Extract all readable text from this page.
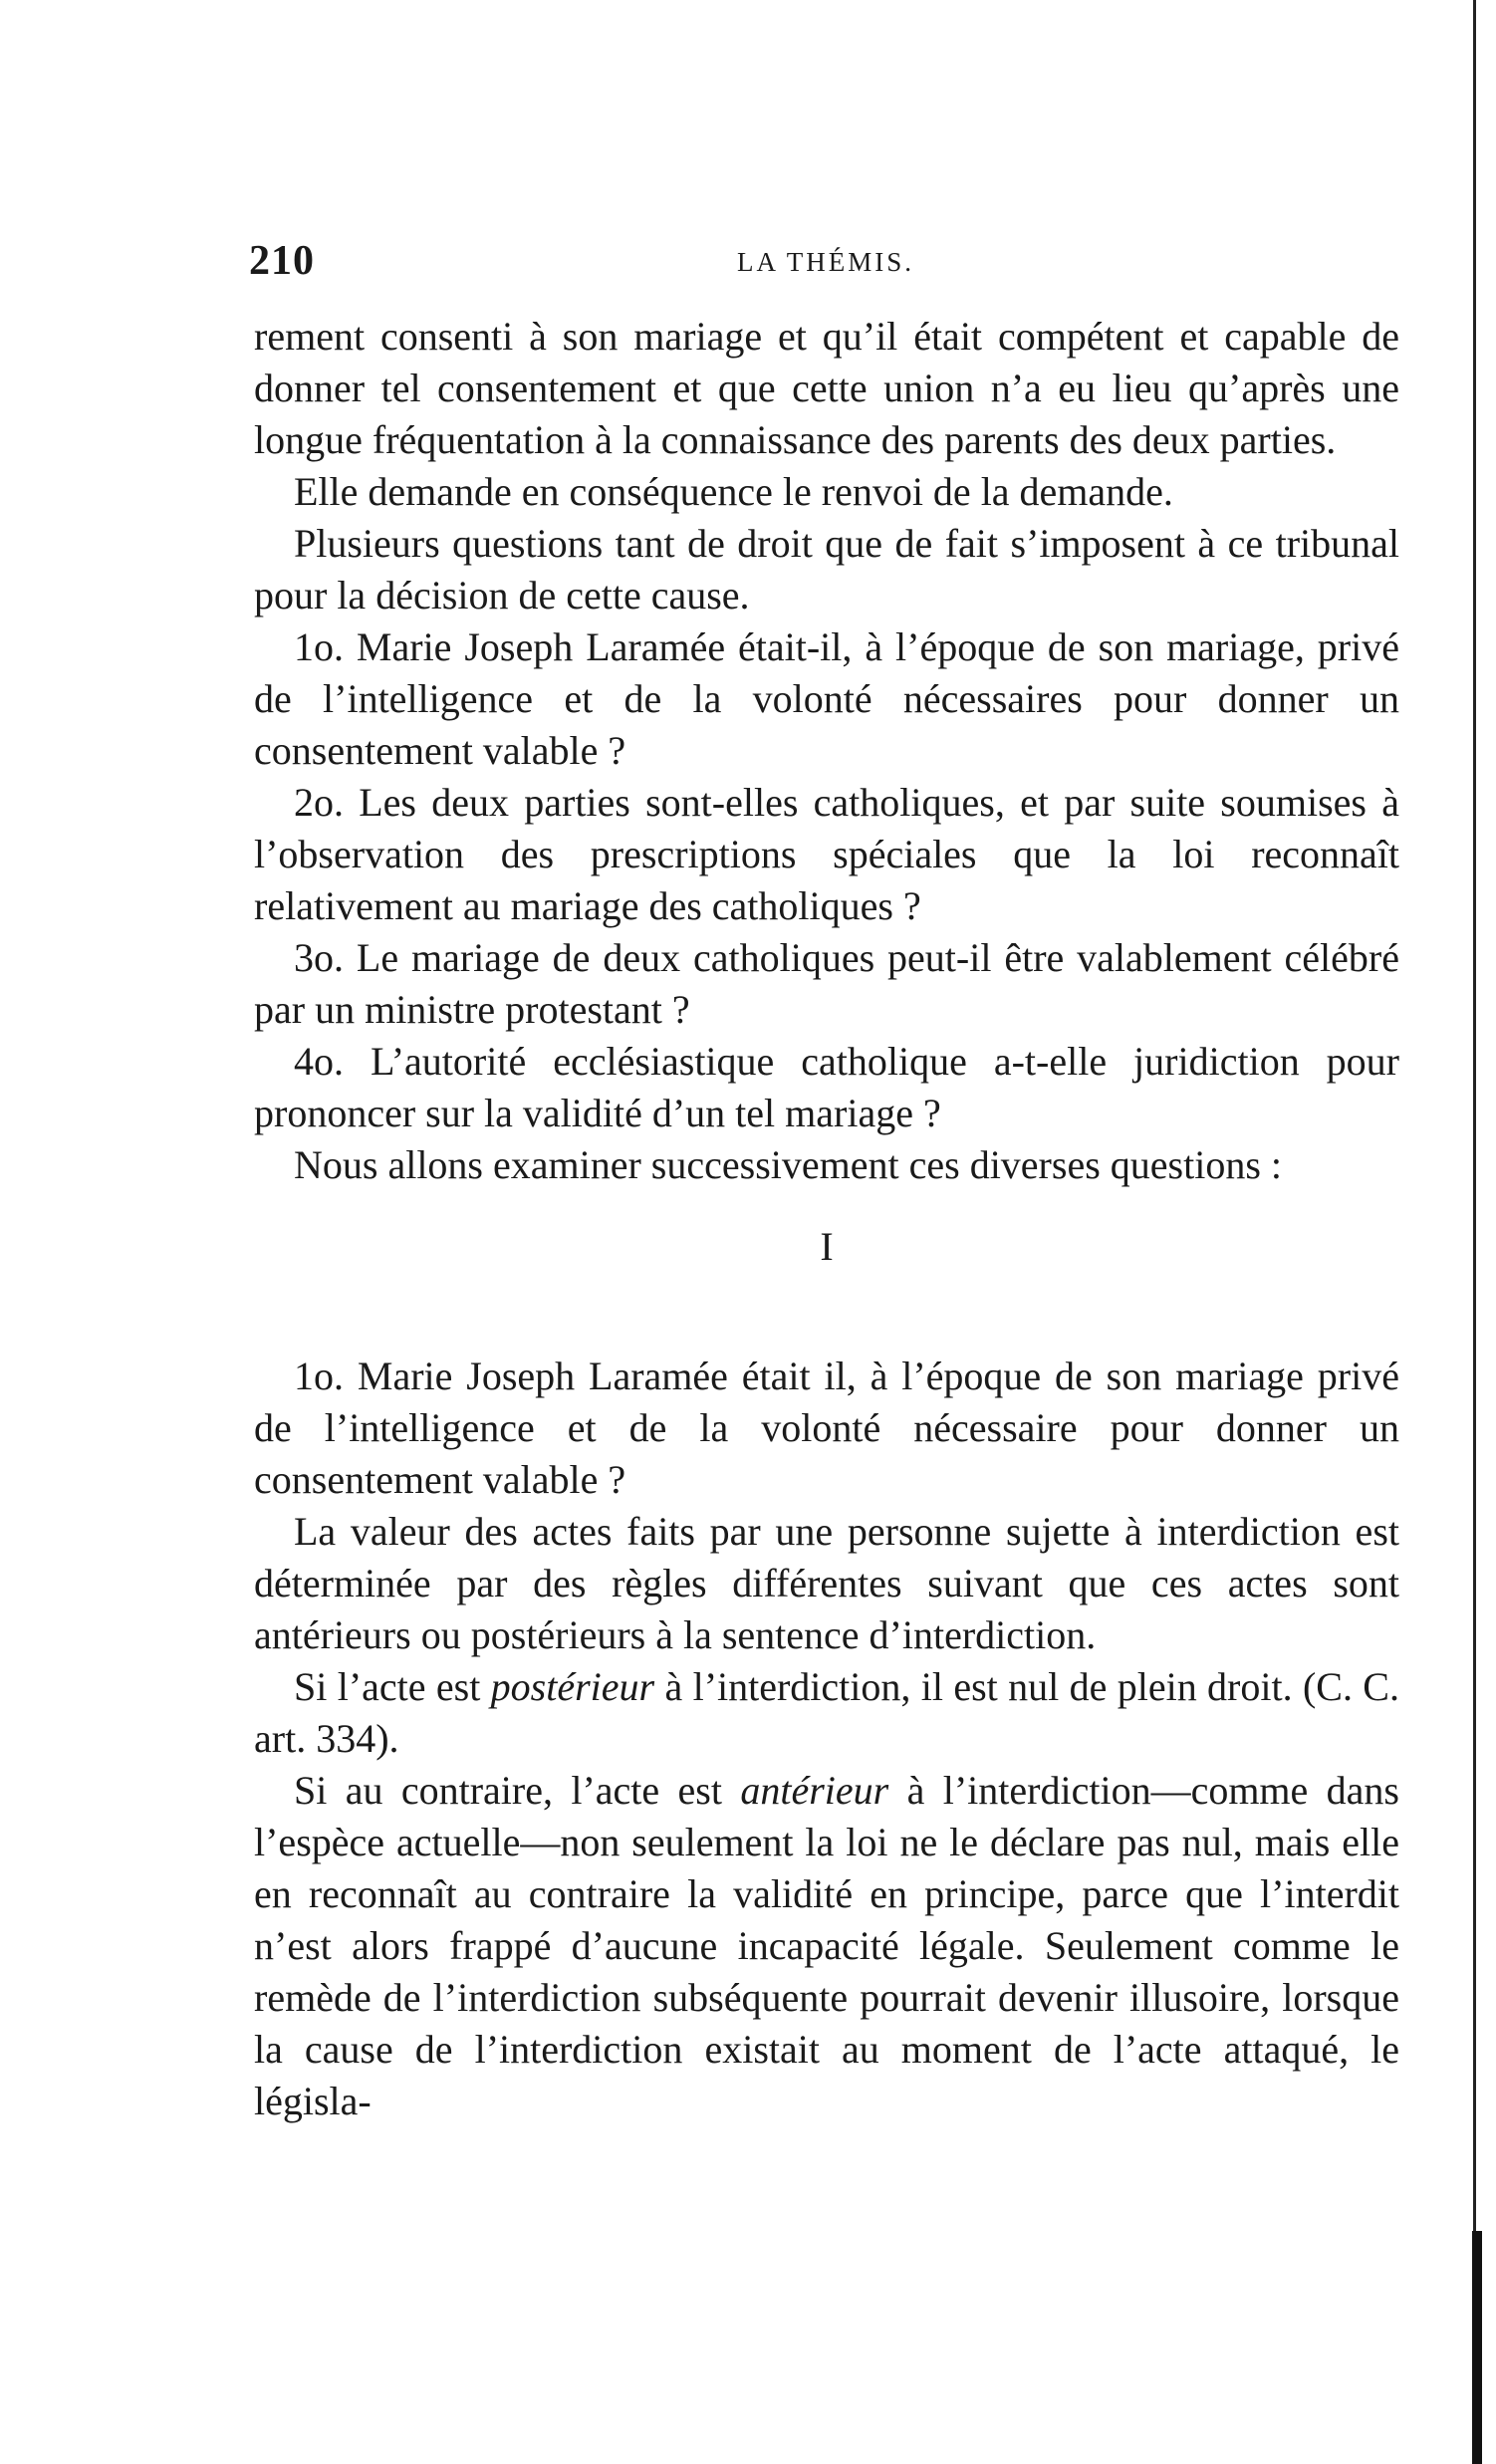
210	LA THÉMIS.

rement consenti à son mariage et qu’il était compétent et capable de donner tel consentement et que cette union n’a eu lieu qu’après une longue fréquentation à la connaissance des parents des deux parties.

Elle demande en conséquence le renvoi de la demande.

Plusieurs questions tant de droit que de fait s’imposent à ce tribunal pour la décision de cette cause.

1o. Marie Joseph Laramée était-il, à l’époque de son mariage, privé de l’intelligence et de la volonté nécessaires pour donner un consentement valable ?

2o. Les deux parties sont-elles catholiques, et par suite soumises à l’observation des prescriptions spéciales que la loi reconnaît relativement au mariage des catholiques ?

3o. Le mariage de deux catholiques peut-il être valablement célébré par un ministre protestant ?

4o. L’autorité ecclésiastique catholique a-t-elle juridiction pour prononcer sur la validité d’un tel mariage ?

Nous allons examiner successivement ces diverses questions :

I

1o. Marie Joseph Laramée était il, à l’époque de son mariage privé de l’intelligence et de la volonté nécessaire pour donner un consentement valable ?

La valeur des actes faits par une personne sujette à interdiction est déterminée par des règles différentes suivant que ces actes sont antérieurs ou postérieurs à la sentence d’interdiction.

Si l’acte est postérieur à l’interdiction, il est nul de plein droit. (C. C. art. 334).

Si au contraire, l’acte est antérieur à l’interdiction—comme dans l’espèce actuelle—non seulement la loi ne le déclare pas nul, mais elle en reconnaît au contraire la validité en principe, parce que l’interdit n’est alors frappé d’aucune incapacité légale. Seulement comme le remède de l’interdiction subséquente pourrait devenir illusoire, lorsque la cause de l’interdiction existait au moment de l’acte attaqué, le législa-
